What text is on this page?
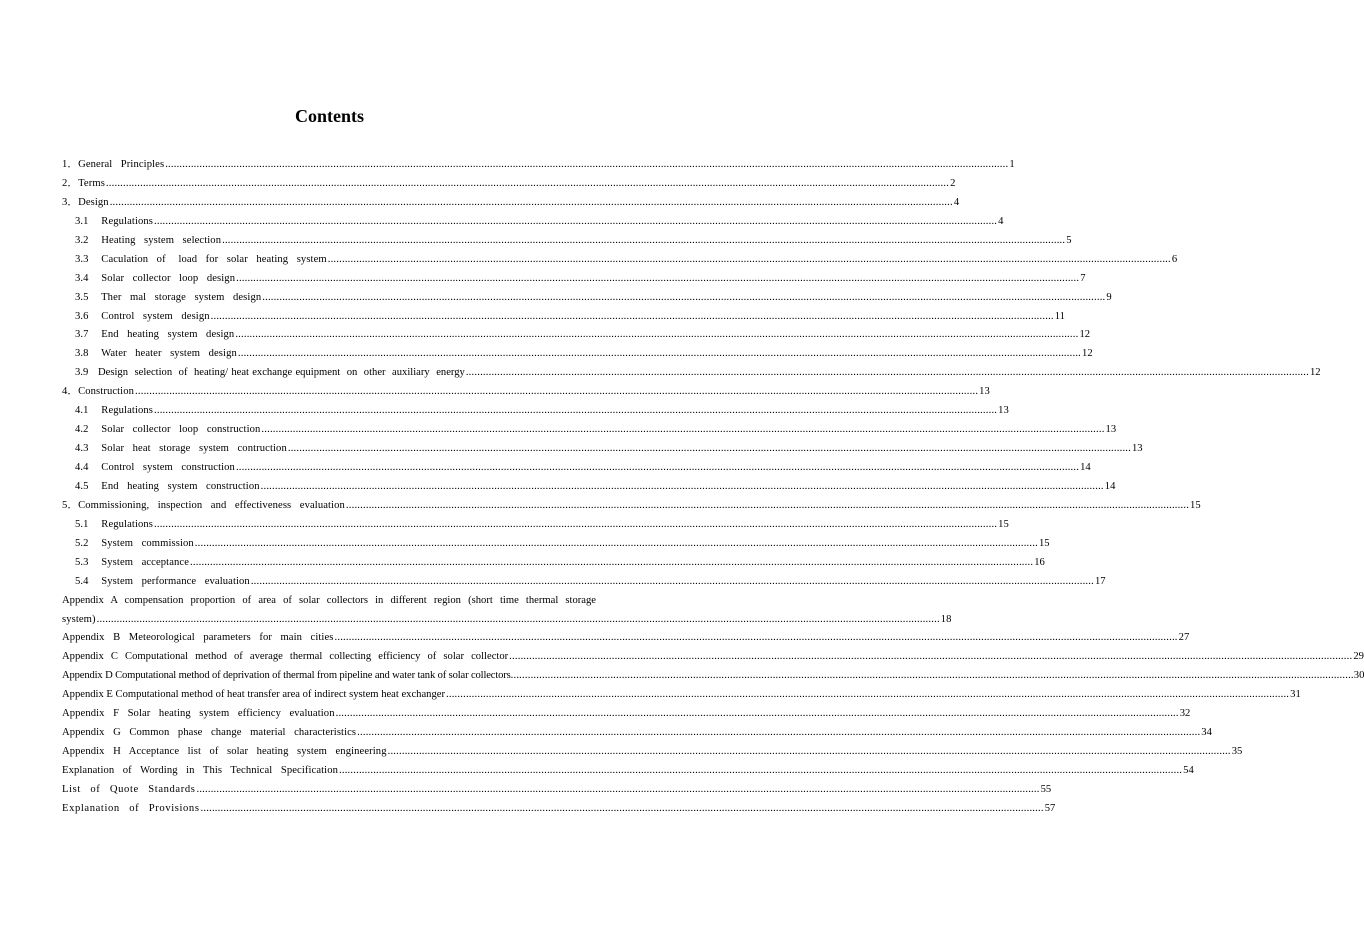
Contents
1．General  Principles .....	1
2．Terms .....	2
3．Design .....	4
3.1   Regulations .....	4
3.2   Heating  system  selection .....	5
3.3   Caculation  of   load  for  solar  heating  system .....	6
3.4   Solar  collector  loop  design .....	7
3.5   Ther  mal  storage  system  design .....	9
3.6   Control  system  design .....	11
3.7   End  heating  system  design .....	12
3.8   Water  heater  system  design .....	12
3.9   Design  selection  of  heating/ heat exchange equipment  on  other  auxiliary  energy .....	12
4．Construction .....	13
4.1   Regulations .....	13
4.2   Solar  collector  loop  construction .....	13
4.3   Solar  heat  storage  system  contruction .....	13
4.4   Control  system  construction .....	14
4.5   End  heating  system  construction .....	14
5．Commissioning,  inspection  and  effectiveness  evaluation .....	15
5.1   Regulations .....	15
5.2   System  commission .....	15
5.3   System  acceptance .....	16
5.4   System  performance  evaluation .....	17
Appendix A compensation proportion of area of solar collectors in different region (short time thermal storage
system) .....	18
Appendix  B  Meteorological  parameters  for  main  cities .....	27
Appendix  C  Computational  method  of  average  thermal  collecting  efficiency  of  solar  collector .....	29
Appendix D Computational method of deprivation of thermal from pipeline and water tank of solar collectors .....	30
Appendix E Computational method of heat transfer area of indirect system heat exchanger .....	31
Appendix  F  Solar  heating  system  efficiency  evaluation .....	32
Appendix  G  Common  phase  change  material  characteristics .....	34
Appendix  H  Acceptance  list  of  solar  heating  system  engineering .....	35
Explanation  of  Wording  in  This  Technical  Specification .....	54
List  of  Quote  Standards .....	55
Explanation  of  Provisions .....	57
